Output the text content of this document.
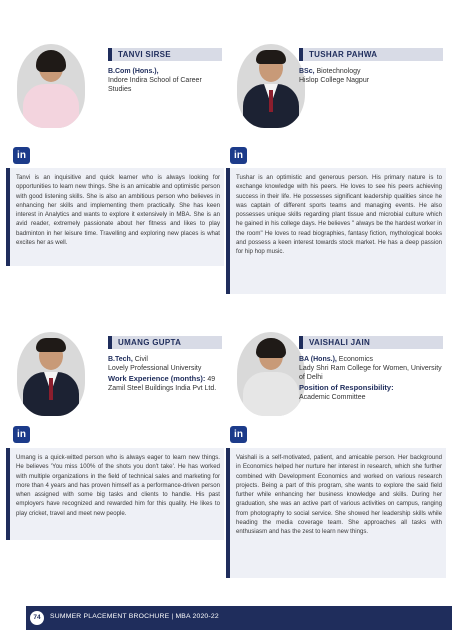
TANVI SIRSE
B.Com (Hons.),
Indore Indira School of Career Studies
in
Tanvi is an inquisitive and quick learner who is always looking for opportunities to learn new things. She is an amicable and optimistic person with good listening skills. She is also an ambitious person who believes in enhancing her skills and implementing them practically. She has keen interest in Analytics and wants to explore it extensively in MBA. She is an avid reader, extremely passionate about her fitness and likes to play badminton in her leisure time. Travelling and exploring new places is what excites her as well.
TUSHAR PAHWA
BSc, Biotechnology
Hislop College Nagpur
in
Tushar is an optimistic and generous person. His primary nature is to exchange knowledge with his peers. He loves to see his peers achieving success in their life. He possesses significant leadership qualities since he was captain of different sports teams and managing events. He also possesses unique skills regarding plant tissue and microbial culture which he gained in his college days. He believes " always be the hardest worker in the room" He loves to read biographies, fantasy fiction, mythological books and possess a keen interest towards stock market. He has a deep passion for hip hop music.
UMANG GUPTA
B.Tech, Civil
Lovely Professional University
Work Experience (months): 49
Zamil Steel Buildings India Pvt Ltd.
in
Umang is a quick-witted person who is always eager to learn new things. He believes 'You miss 100% of the shots you don't take'. He has worked with multiple organizations in the field of technical sales and marketing for more than 4 years and has proven himself as a performance-driven person when assigned with some big tasks and clients to handle. His past employers have recognized and rewarded him for this quality. He likes to play cricket, travel and meet new people.
VAISHALI JAIN
BA (Hons.), Economics
Lady Shri Ram College for Women, University of Delhi
Position of Responsibility:
Academic Committee
in
Vaishali is a self-motivated, patient, and amicable person. Her background in Economics helped her nurture her interest in research, which she further combined with Development Economics and worked on various research projects. Being a part of this program, she wants to explore the said field further while enhancing her business knowledge and skills. During her graduation, she was an active part of various activities on campus, ranging from photography to social service. She showed her leadership skills while heading the media coverage team. She approaches all tasks with enthusiasm and has the zest to learn new things.
74	SUMMER PLACEMENT BROCHURE | MBA 2020-22
